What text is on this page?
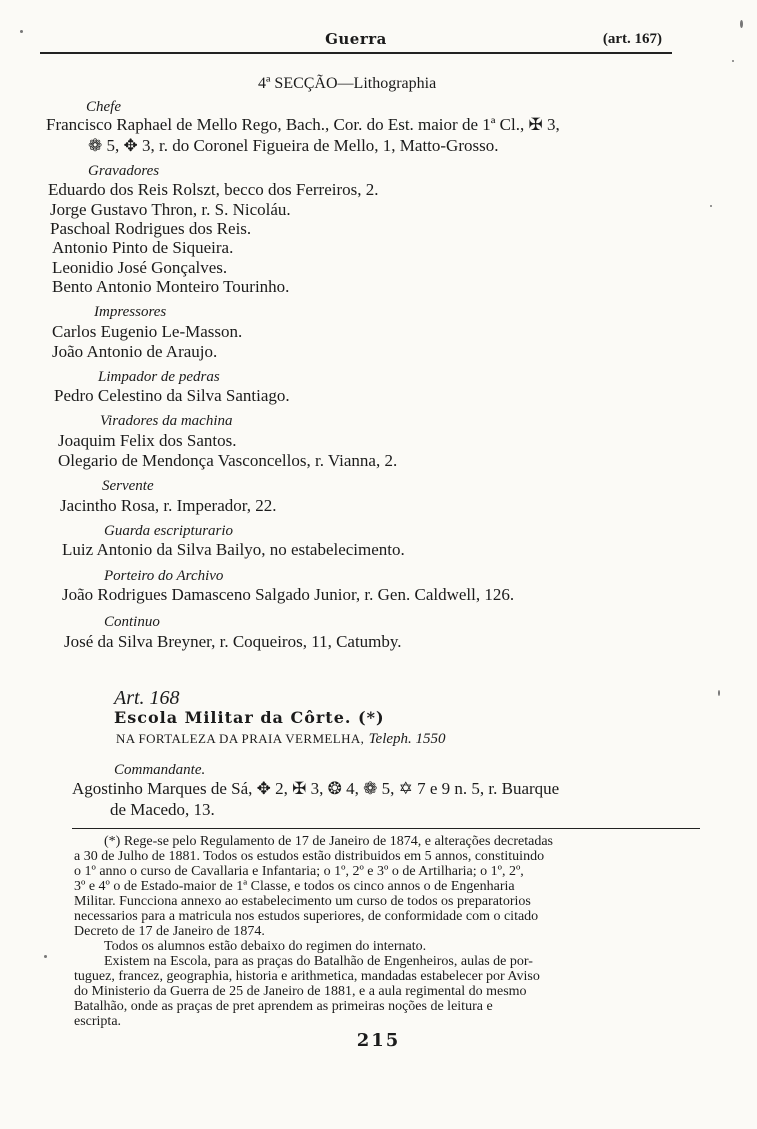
Guerra	(art. 167)
4ª SECÇÃO—Lithographia
Chefe
Francisco Raphael de Mello Rego, Bach., Cor. do Est. maior de 1ª Cl., ✠ 3,
❁ 5, ✥ 3, r. do Coronel Figueira de Mello, 1, Matto-Grosso.
Gravadores
Eduardo dos Reis Rolszt, becco dos Ferreiros, 2.
Jorge Gustavo Thron, r. S. Nicoláu.
Paschoal Rodrigues dos Reis.
Antonio Pinto de Siqueira.
Leonidio José Gonçalves.
Bento Antonio Monteiro Tourinho.
Impressores
Carlos Eugenio Le-Masson.
João Antonio de Araujo.
Limpador de pedras
Pedro Celestino da Silva Santiago.
Viradores da machina
Joaquim Felix dos Santos.
Olegario de Mendonça Vasconcellos, r. Vianna, 2.
Servente
Jacintho Rosa, r. Imperador, 22.
Guarda escripturario
Luiz Antonio da Silva Bailyo, no estabelecimento.
Porteiro do Archivo
João Rodrigues Damasceno Salgado Junior, r. Gen. Caldwell, 126.
Continuo
José da Silva Breyner, r. Coqueiros, 11, Catumby.
Art. 168
Escola Militar da Côrte. (*)
NA FORTALEZA DA PRAIA VERMELHA, Teleph. 1550
Commandante.
Agostinho Marques de Sá, ✥ 2, ✠ 3, ❂ 4, ❁ 5, ✡ 7 e 9 n. 5, r. Buarque
de Macedo, 13.
(*) Rege-se pelo Regulamento de 17 de Janeiro de 1874, e alterações decretadas
a 30 de Julho de 1881. Todos os estudos estão distribuidos em 5 annos, constituindo
o 1º anno o curso de Cavallaria e Infantaria; o 1º, 2º e 3º o de Artilharia; o 1º, 2º,
3º e 4º o de Estado-maior de 1ª Classe, e todos os cinco annos o de Engenharia
Militar. Funcciona annexo ao estabelecimento um curso de todos os preparatorios
necessarios para a matricula nos estudos superiores, de conformidade com o citado
Decreto de 17 de Janeiro de 1874.
Todos os alumnos estão debaixo do regimen do internato.
Existem na Escola, para as praças do Batalhão de Engenheiros, aulas de por-
tuguez, francez, geographia, historia e arithmetica, mandadas estabelecer por Aviso
do Ministerio da Guerra de 25 de Janeiro de 1881, e a aula regimental do mesmo
Batalhão, onde as praças de pret aprendem as primeiras noções de leitura e
escripta.
215
